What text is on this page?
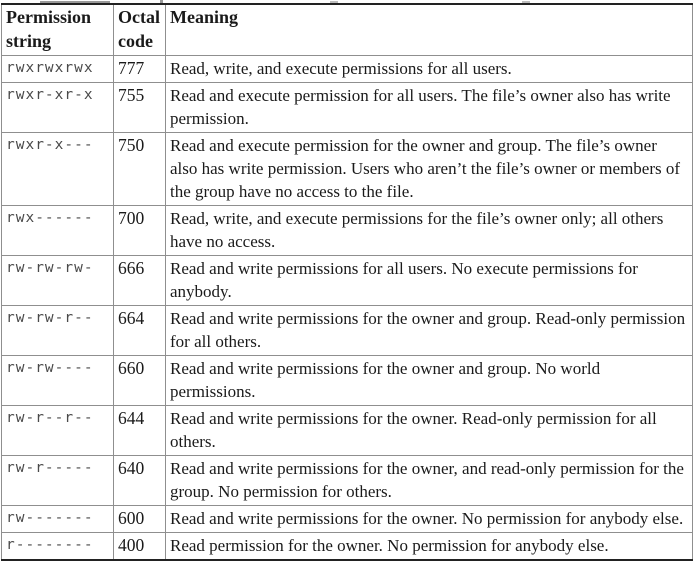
Permission string	Octal code	Meaning
rwxrwxrwx	777	Read, write, and execute permissions for all users.
rwxr-xr-x	755	Read and execute permission for all users. The file’s owner also has write permission.
rwxr-x---	750	Read and execute permission for the owner and group. The file’s owner also has write permission. Users who aren’t the file’s owner or members of the group have no access to the file.
rwx------	700	Read, write, and execute permissions for the file’s owner only; all others have no access.
rw-rw-rw-	666	Read and write permissions for all users. No execute permissions for anybody.
rw-rw-r--	664	Read and write permissions for the owner and group. Read-only permission for all others.
rw-rw----	660	Read and write permissions for the owner and group. No world permissions.
rw-r--r--	644	Read and write permissions for the owner. Read-only permission for all others.
rw-r-----	640	Read and write permissions for the owner, and read-only permission for the group. No permission for others.
rw-------	600	Read and write permissions for the owner. No permission for anybody else.
r--------	400	Read permission for the owner. No permission for anybody else.
